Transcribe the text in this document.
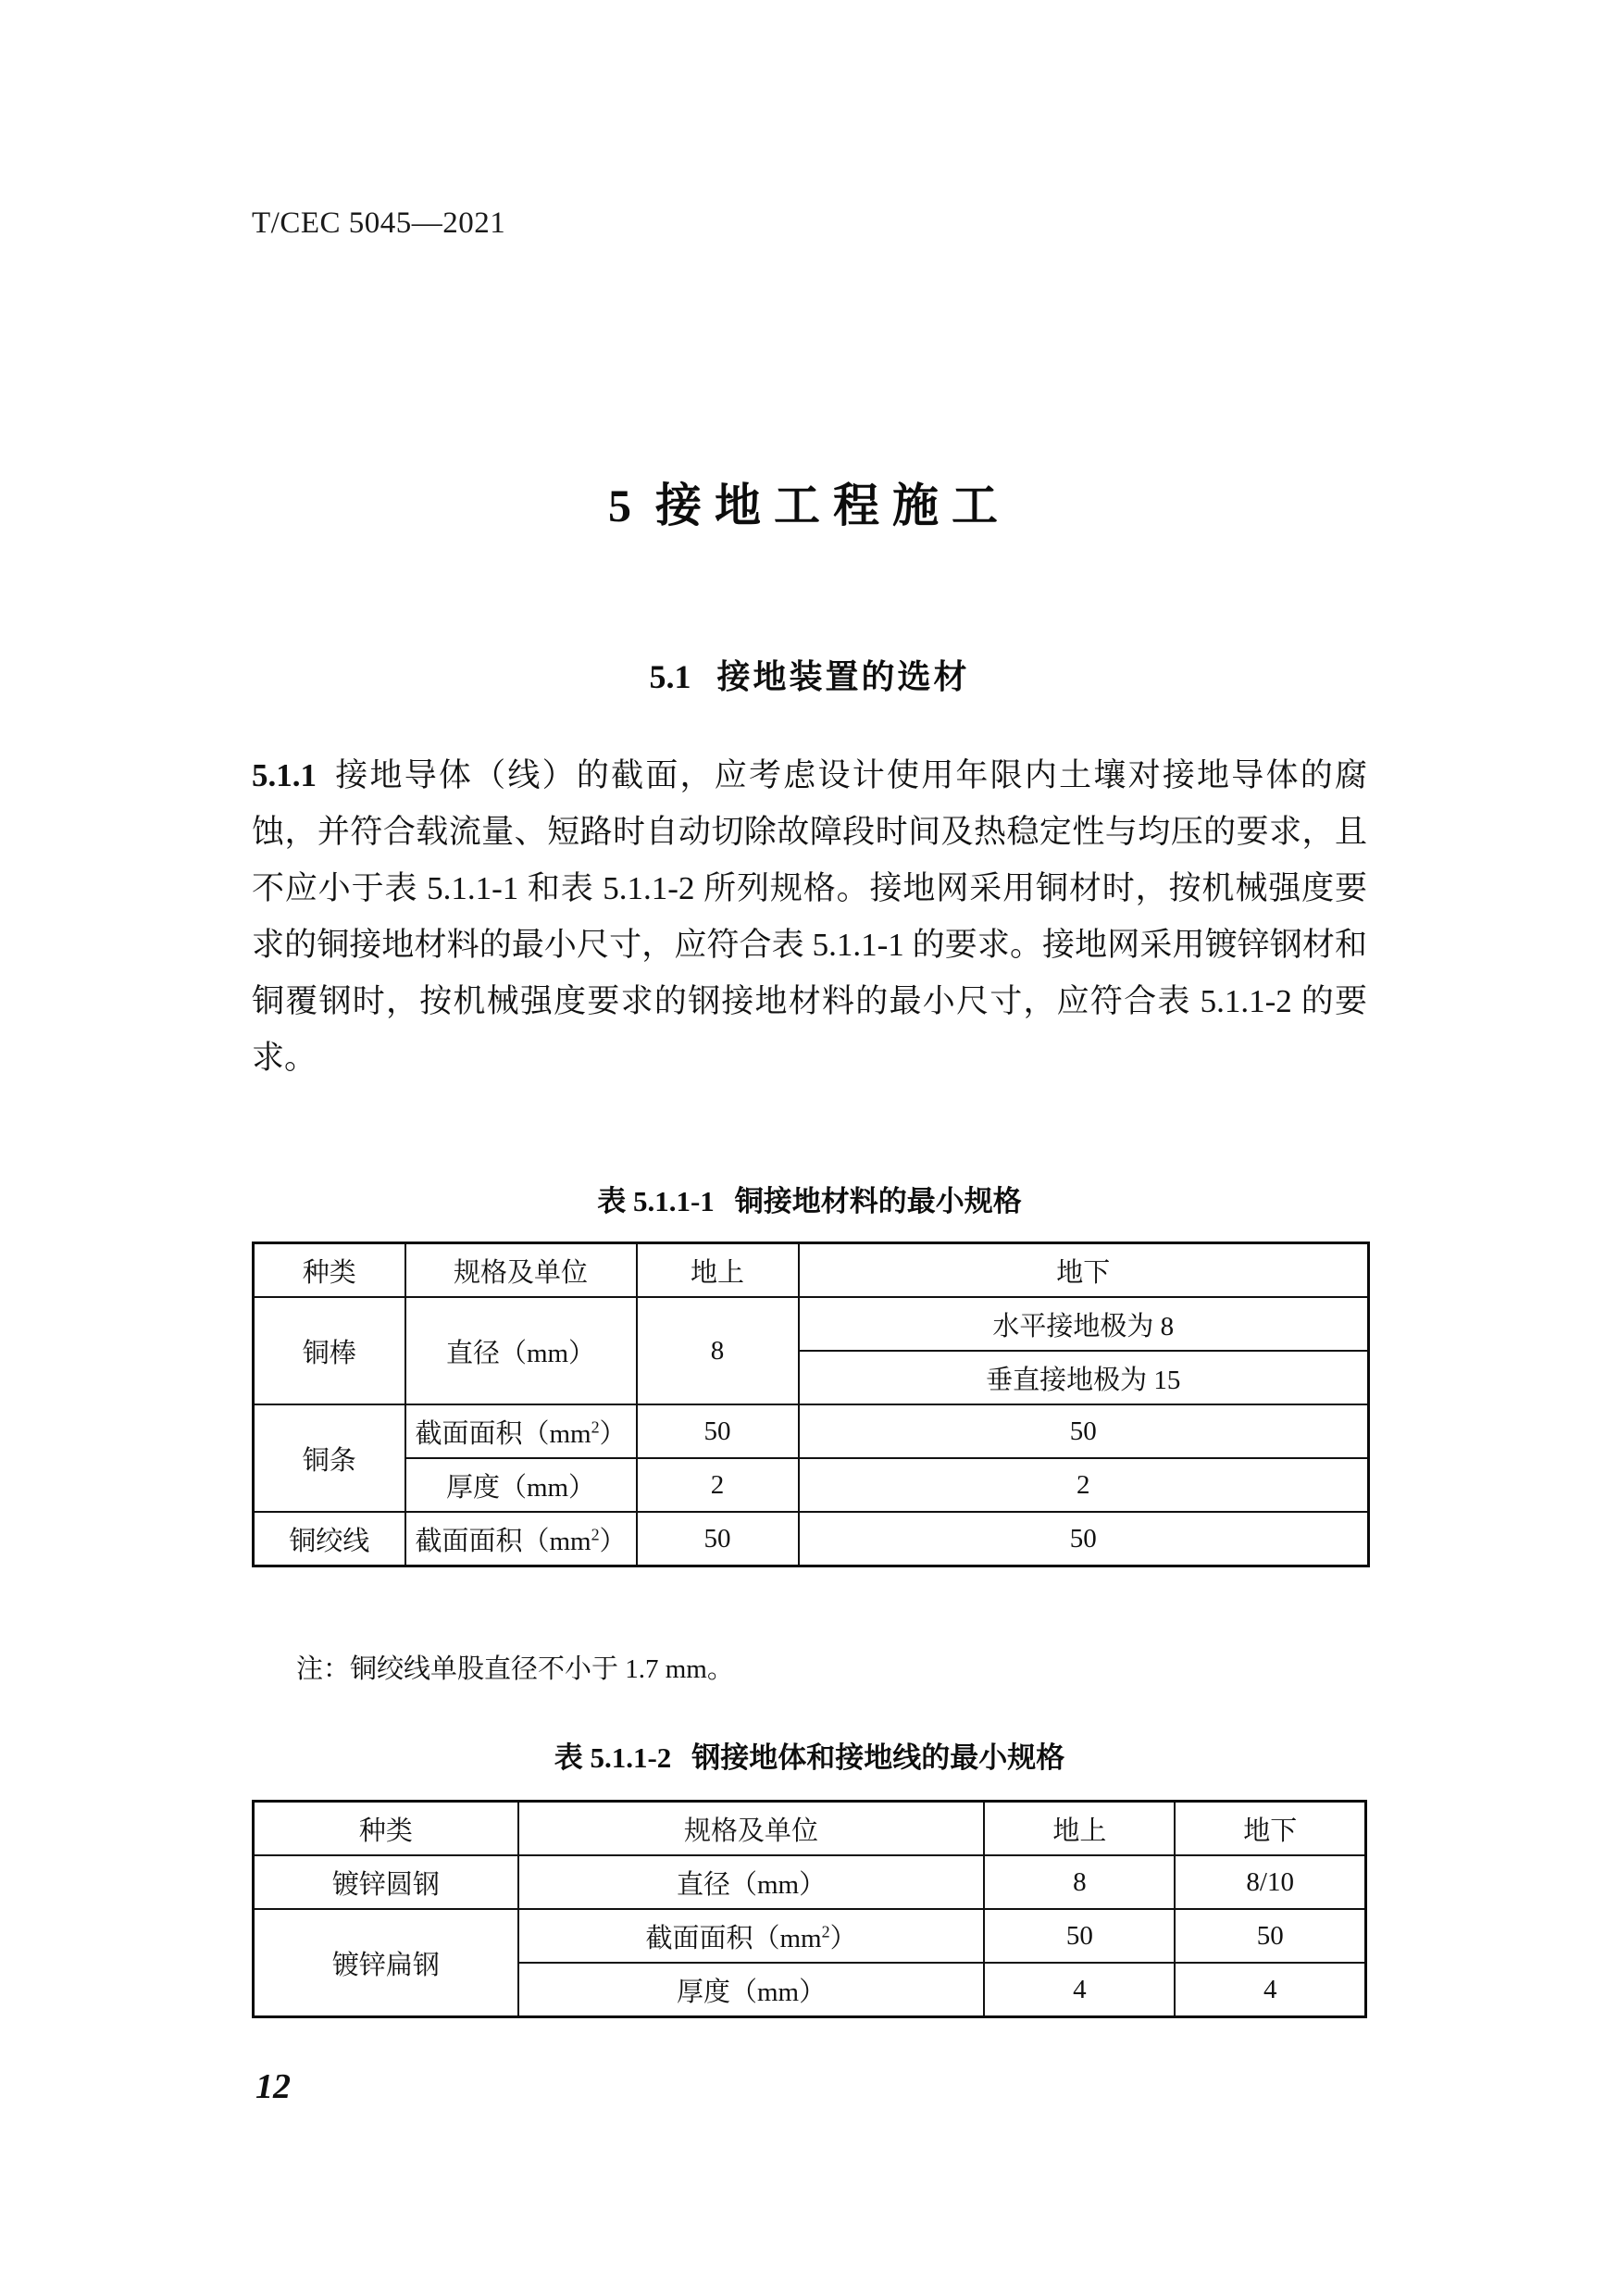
T/CEC 5045—2021
5 接地工程施工
5.1 接地装置的选材

5.1.1 接地导体（线）的截面，应考虑设计使用年限内土壤对接地导体的腐蚀，并符合载流量、短路时自动切除故障段时间及热稳定性与均压的要求，且不应小于表 5.1.1-1 和表 5.1.1-2 所列规格。接地网采用铜材时，按机械强度要求的铜接地材料的最小尺寸，应符合表 5.1.1-1 的要求。接地网采用镀锌钢材和铜覆钢时，按机械强度要求的钢接地材料的最小尺寸，应符合表 5.1.1-2 的要求。

表 5.1.1-1 铜接地材料的最小规格
种类	规格及单位	地上	地下
铜棒	直径（mm）	8	水平接地极为 8
			垂直接地极为 15
铜条	截面面积$(mm^2)$	50	50
	厚度（mm）	2	2
铜绞线	截面面积$(mm^2)$	50	50
注：铜绞线单股直径不小于 1.7 mm。
表 5.1.1-2 钢接地体和接地线的最小规格
种类	规格及单位	地上	地下
镀锌圆钢	直径（mm）	8	8/10
镀锌扁钢	截面面积$(mm^2)$	50	50
	厚度（mm）	4	4
12
